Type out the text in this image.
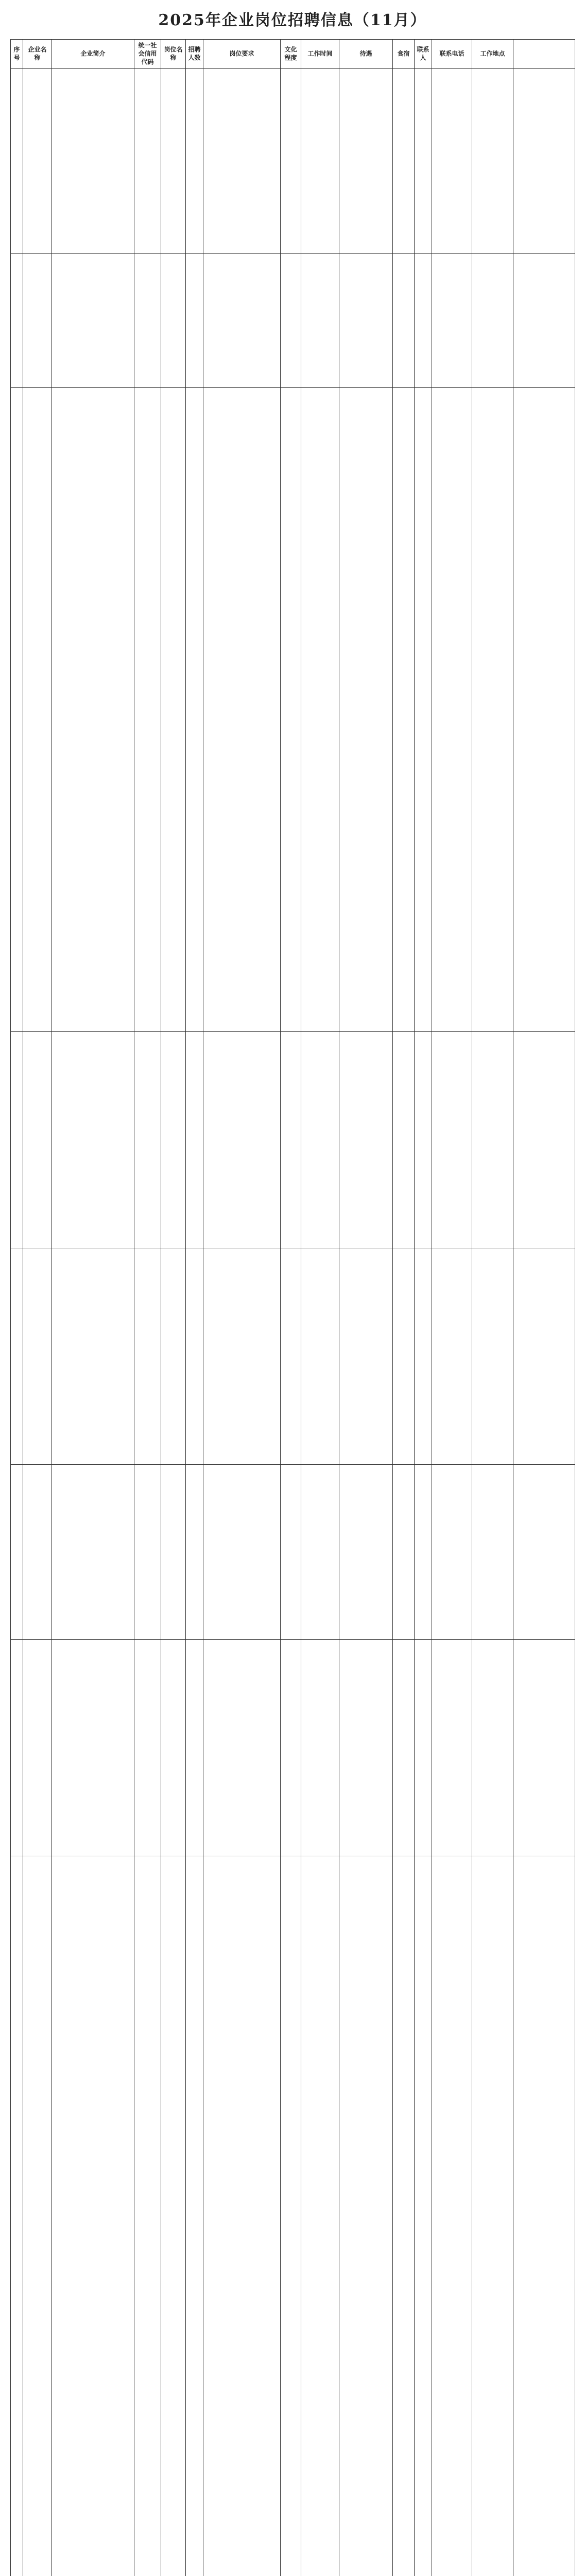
2025年企业岗位招聘信息（11月）
序号	企业名称	企业简介	统一社会信用代码	岗位名称	招聘人数	岗位要求	文化程度	工作时间	待遇	食宿	联系人	联系电话	工作地点	
